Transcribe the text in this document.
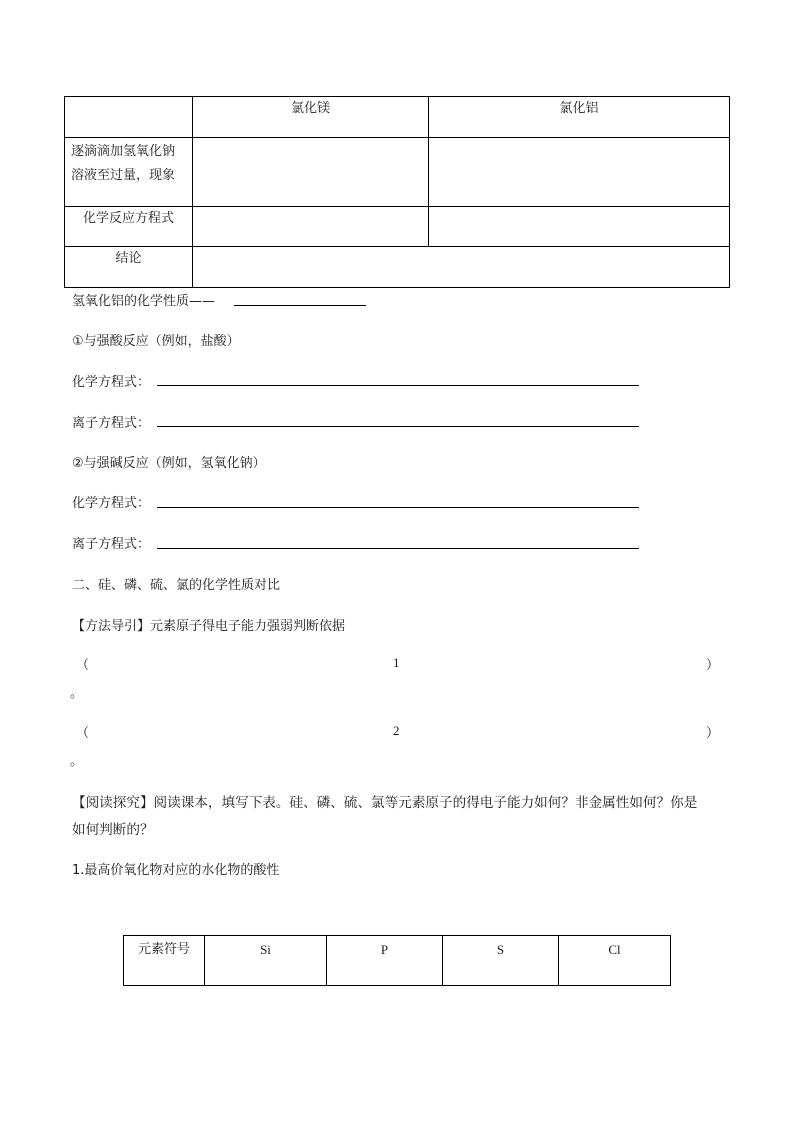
	氯化镁	氯化铝

逐滴滴加氢氧化钠
溶液至过量，现象		

化学反应方程式		
结论		
氢氧化铝的化学性质——
①与强酸反应（例如，盐酸）
化学方程式：
离子方程式：
②与强碱反应（例如，氢氧化钠）
化学方程式：
离子方程式：
二、硅、磷、硫、氯的化学性质对比
【方法导引】元素原子得电子能力强弱判断依据
（	1	）
。
（	2	）
。
【阅读探究】阅读课本，填写下表。硅、磷、硫、氯等元素原子的得电子能力如何？非金属性如何？你是
如何判断的？
1.最高价氧化物对应的水化物的酸性
元素符号	Si	P	S	Cl
